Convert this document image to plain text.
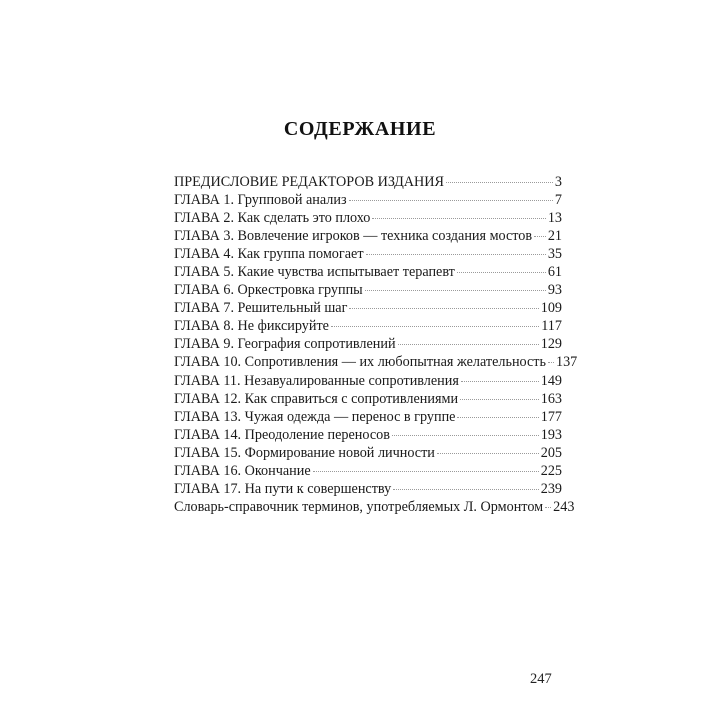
СОДЕРЖАНИЕ
ПРЕДИСЛОВИЕ РЕДАКТОРОВ ИЗДАНИЯ	3
ГЛАВА 1. Групповой анализ	7
ГЛАВА 2. Как сделать это плохо	13
ГЛАВА 3. Вовлечение игроков — техника создания мостов 21
ГЛАВА 4. Как группа помогает	35
ГЛАВА 5. Какие чувства испытывает терапевт	61
ГЛАВА 6. Оркестровка группы	93
ГЛАВА 7. Решительный шаг	109
ГЛАВА 8. Не фиксируйте	117
ГЛАВА 9. География сопротивлений	129
ГЛАВА 10. Сопротивления — их любопытная желательность 137
ГЛАВА 11. Незавуалированные сопротивления	149
ГЛАВА 12. Как справиться с сопротивлениями	163
ГЛАВА 13. Чужая одежда — перенос в группе	177
ГЛАВА 14. Преодоление переносов	193
ГЛАВА 15. Формирование новой личности	205
ГЛАВА 16. Окончание	225
ГЛАВА 17. На пути к совершенству	239
Словарь-справочник терминов, употребляемых Л. Ормонтом 243
247
